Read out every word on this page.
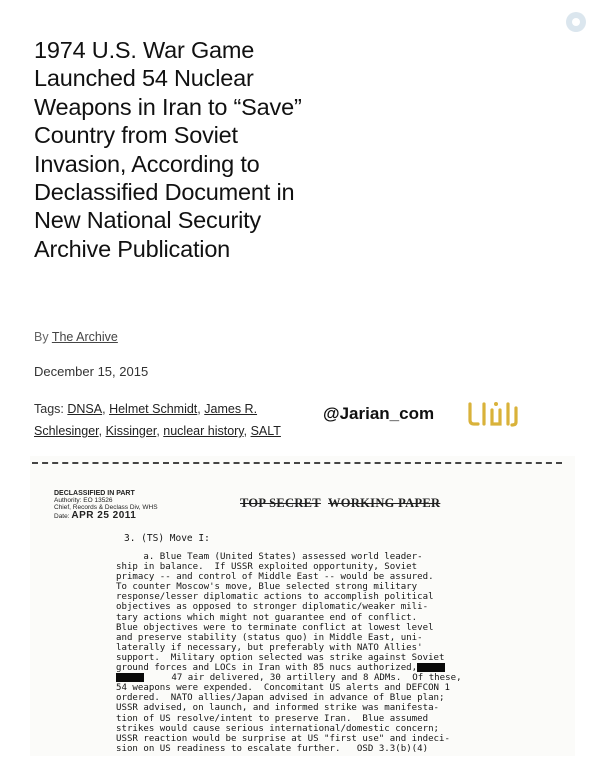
1974 U.S. War Game Launched 54 Nuclear Weapons in Iran to “Save” Country from Soviet Invasion, According to Declassified Document in New National Security Archive Publication
By The Archive
December 15, 2015
Tags: DNSA, Helmet Schmidt, James R. Schlesinger, Kissinger, nuclear history, SALT
@Jarian_com
DECLASSIFIED IN PART
Authority: EO 13526
Chief, Records & Declass Div, WHS
Date: APR 25 2011
TOP SECRET WORKING PAPER
3. (TS) Move I:
a. Blue Team (United States) assessed world leader-
ship in balance.  If USSR exploited opportunity, Soviet
primacy -- and control of Middle East -- would be assured.
To counter Moscow's move, Blue selected strong military
response/lesser diplomatic actions to accomplish political
objectives as opposed to stronger diplomatic/weaker mili-
tary actions which might not guarantee end of conflict.
Blue objectives were to terminate conflict at lowest level
and preserve stability (status quo) in Middle East, uni-
laterally if necessary, but preferably with NATO Allies'
support.  Military option selected was strike against Soviet
ground forces and LOCs in Iran with 85 nucs authorized,
47 air delivered, 30 artillery and 8 ADMs.  Of these,
54 weapons were expended.  Concomitant US alerts and DEFCON 1
ordered.  NATO allies/Japan advised in advance of Blue plan;
USSR advised, on launch, and informed strike was manifesta-
tion of US resolve/intent to preserve Iran.  Blue assumed
strikes would cause serious international/domestic concern;
USSR reaction would be surprise at US "first use" and indeci-
sion on US readiness to escalate further. OSD 3.3(b)(4)
